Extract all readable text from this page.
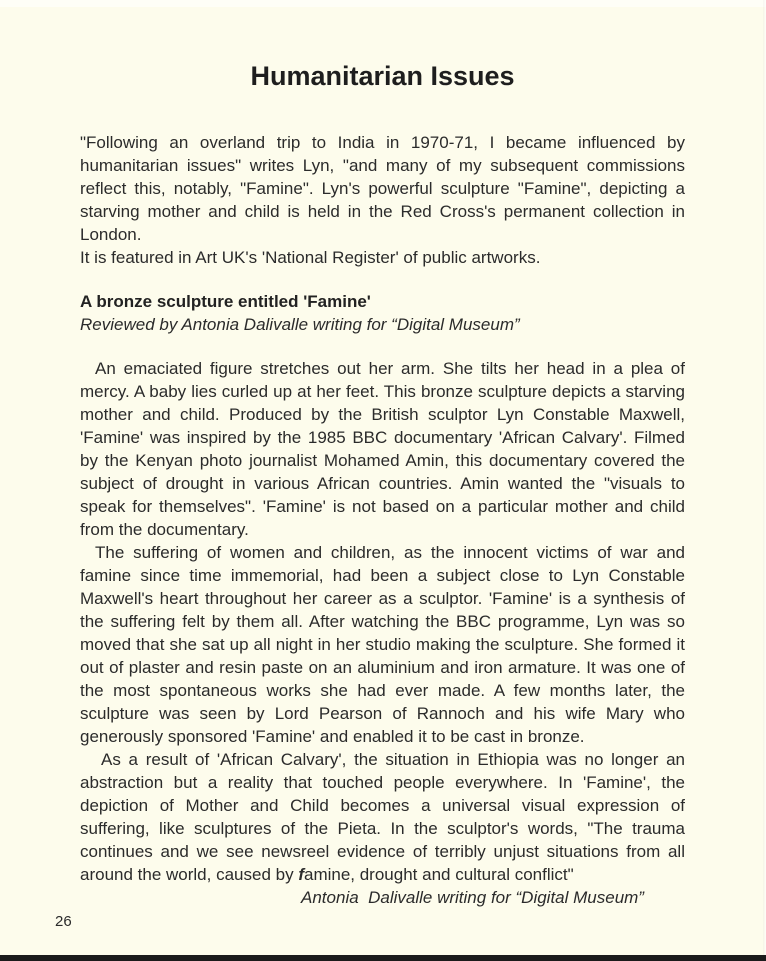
Humanitarian Issues

"Following an overland trip to India in 1970-71, I became influenced by humanitarian issues" writes Lyn, "and many of my subsequent commissions reflect this, notably, "Famine". Lyn's powerful sculpture "Famine", depicting a starving mother and child is held in the Red Cross's permanent collection in London.

It is featured in Art UK's 'National Register' of public artworks.

A bronze sculpture entitled 'Famine'

Reviewed by Antonia Dalivalle writing for “Digital Museum”

An emaciated figure stretches out her arm. She tilts her head in a plea of mercy. A baby lies curled up at her feet. This bronze sculpture depicts a starving mother and child. Produced by the British sculptor Lyn Constable Maxwell, 'Famine' was inspired by the 1985 BBC documentary 'African Calvary'. Filmed by the Kenyan photo journalist Mohamed Amin, this documentary covered the subject of drought in various African countries. Amin wanted the "visuals to speak for themselves". 'Famine' is not based on a particular mother and child from the documentary.

The suffering of women and children, as the innocent victims of war and famine since time immemorial, had been a subject close to Lyn Constable Maxwell's heart throughout her career as a sculptor. 'Famine' is a synthesis of the suffering felt by them all. After watching the BBC programme, Lyn was so moved that she sat up all night in her studio making the sculpture. She formed it out of plaster and resin paste on an aluminium and iron armature. It was one of the most spontaneous works she had ever made. A few months later, the sculpture was seen by Lord Pearson of Rannoch and his wife Mary who generously sponsored 'Famine' and enabled it to be cast in bronze.

As a result of 'African Calvary', the situation in Ethiopia was no longer an abstraction but a reality that touched people everywhere. In 'Famine', the depiction of Mother and Child becomes a universal visual expression of suffering, like sculptures of the Pieta. In the sculptor's words, "The trauma continues and we see newsreel evidence of terribly unjust situations from all around the world, caused by famine, drought and cultural conflict"

Antonia  Dalivalle writing for “Digital Museum”

26
